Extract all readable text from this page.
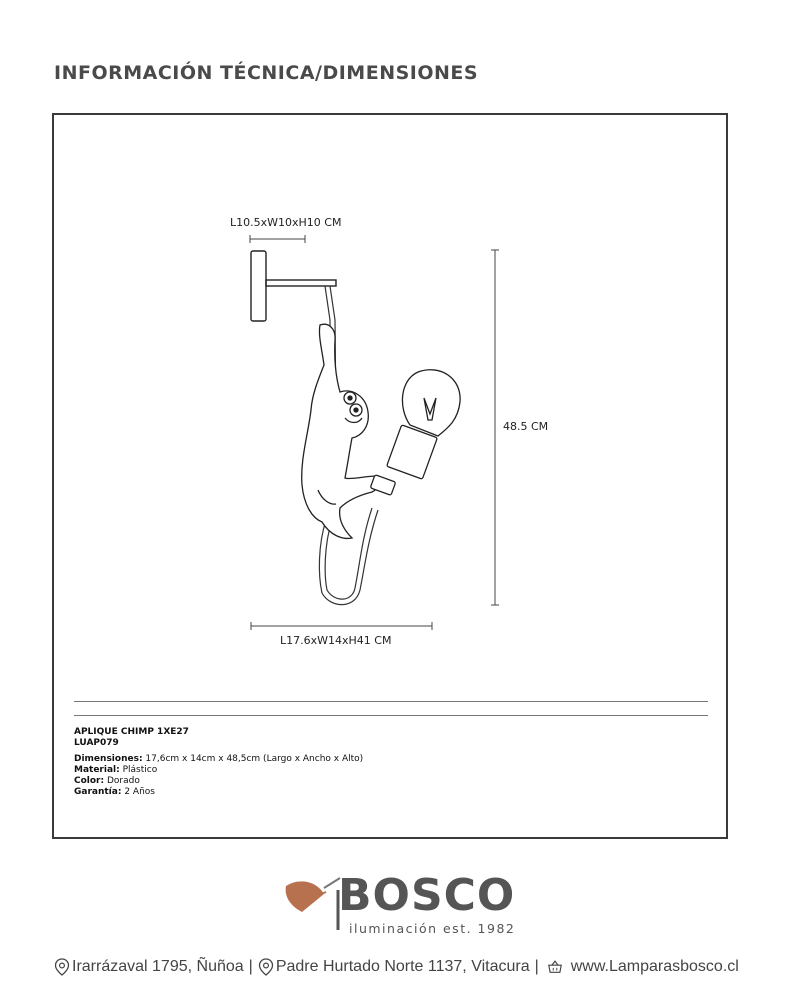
INFORMACIÓN TÉCNICA/DIMENSIONES
L10.5xW10xH10 CM
48.5 CM
L17.6xW14xH41 CM
APLIQUE CHIMP 1XE27
LUAP079
Dimensiones: 17,6cm x 14cm x 48,5cm (Largo x Ancho x Alto)
Material: Plástico
Color: Dorado
Garantía: 2 Años
BOSCO
iluminación est. 1982
Irarrázaval 1795, Ñuñoa | Padre Hurtado Norte 1137, Vitacura | www.Lamparasbosco.cl
